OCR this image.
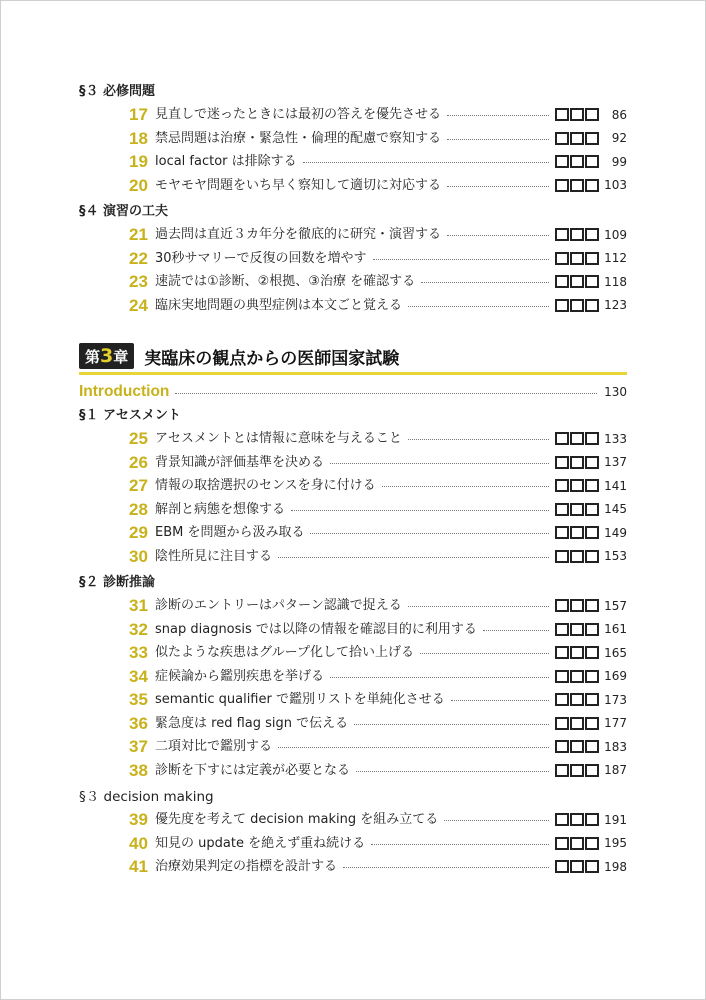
§３ 必修問題
17 見直しで迷ったときには最初の答えを優先させる	86
18 禁忌問題は治療・緊急性・倫理的配慮で察知する	92
19 local factor は排除する	99
20 モヤモヤ問題をいち早く察知して適切に対応する	103
§４ 演習の工夫
21 過去問は直近３カ年分を徹底的に研究・演習する	109
22 30秒サマリーで反復の回数を増やす	112
23 速読では①診断、②根拠、③治療 を確認する	118
24 臨床実地問題の典型症例は本文ごと覚える	123
第3章 実臨床の観点からの医師国家試験
Introduction	130
§１ アセスメント
25 アセスメントとは情報に意味を与えること	133
26 背景知識が評価基準を決める	137
27 情報の取捨選択のセンスを身に付ける	141
28 解剖と病態を想像する	145
29 EBM を問題から汲み取る	149
30 陰性所見に注目する	153
§２ 診断推論
31 診断のエントリーはパターン認識で捉える	157
32 snap diagnosis では以降の情報を確認目的に利用する	161
33 似たような疾患はグループ化して拾い上げる	165
34 症候論から鑑別疾患を挙げる	169
35 semantic qualifier で鑑別リストを単純化させる	173
36 緊急度は red flag sign で伝える	177
37 二項対比で鑑別する	183
38 診断を下すには定義が必要となる	187
§３ decision making
39 優先度を考えて decision making を組み立てる	191
40 知見の update を絶えず重ね続ける	195
41 治療効果判定の指標を設計する	198
